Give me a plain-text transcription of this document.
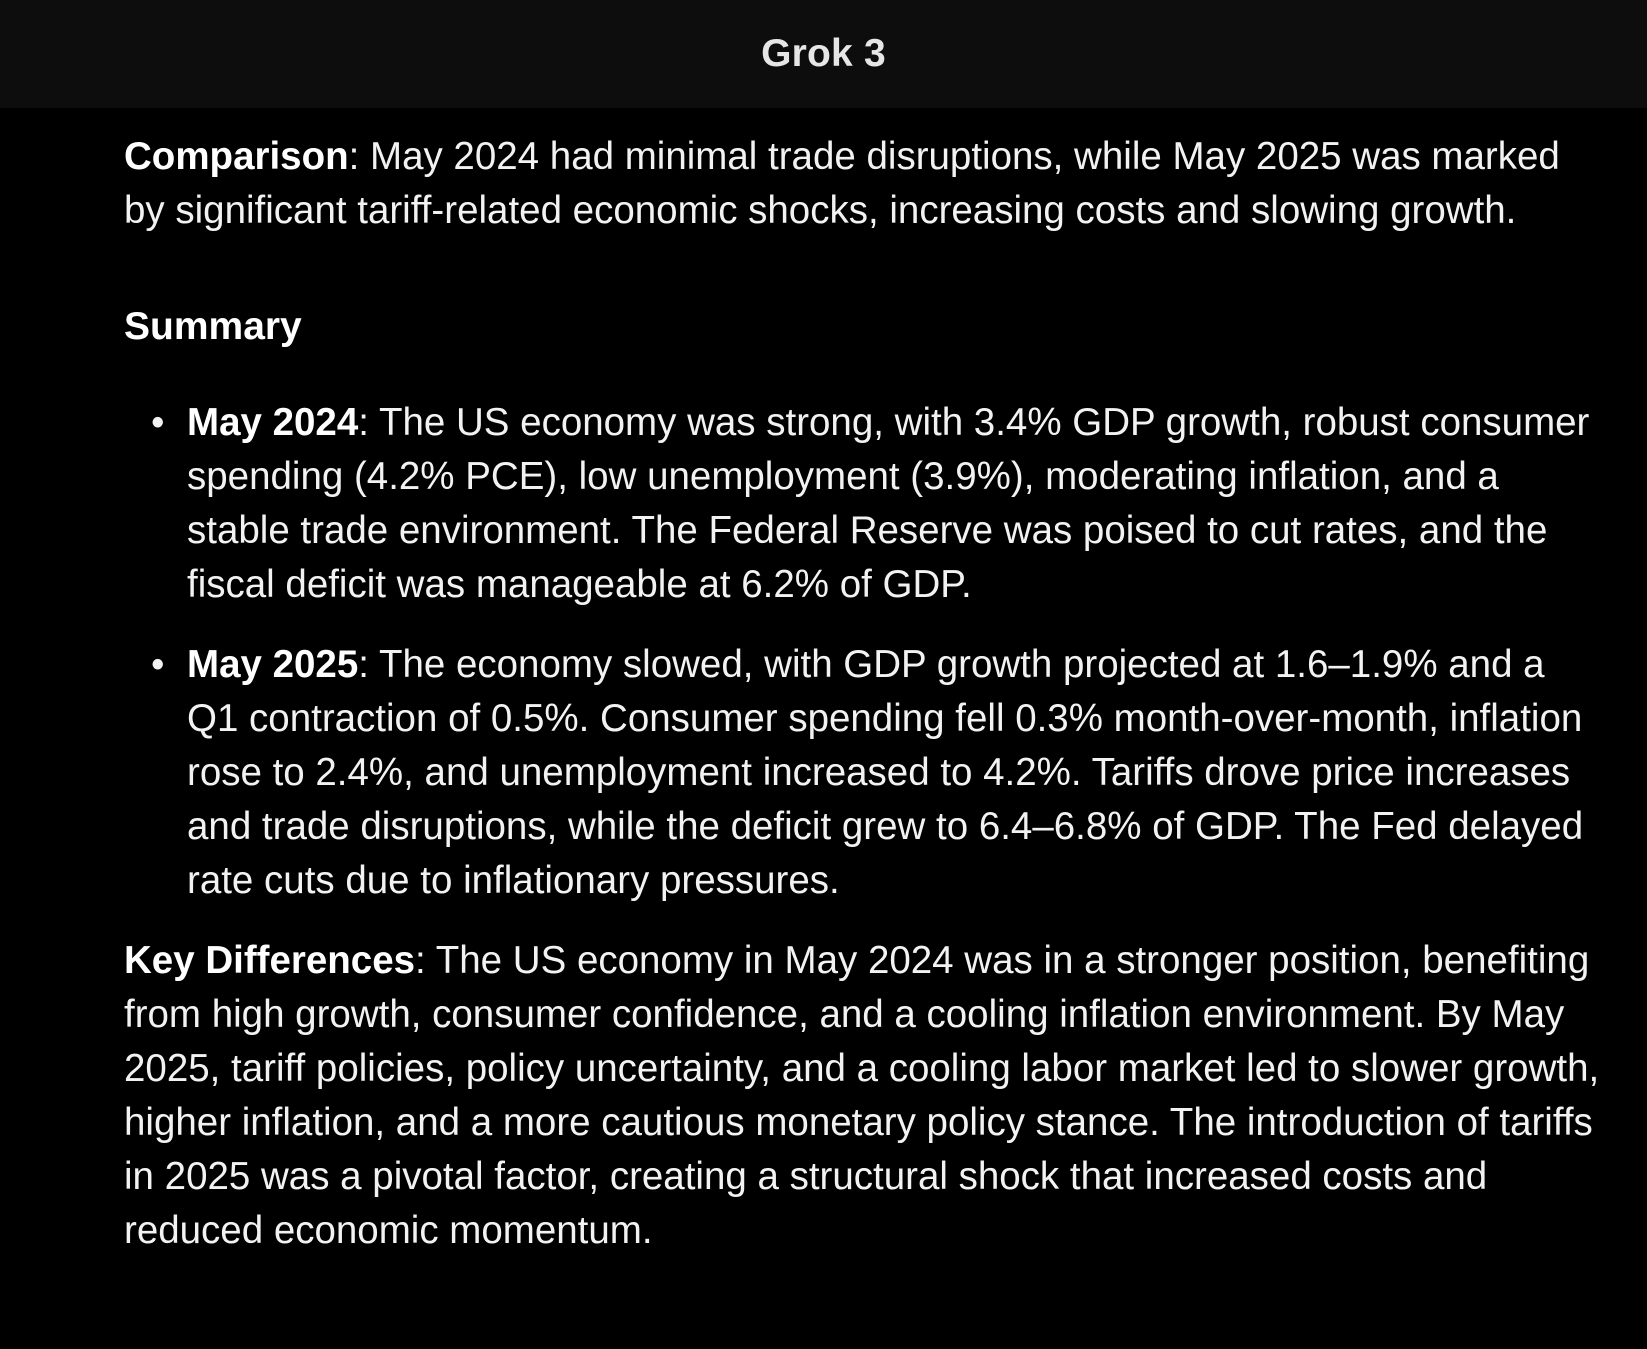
Grok 3

Comparison: May 2024 had minimal trade disruptions, while May 2025 was marked by significant tariff-related economic shocks, increasing costs and slowing growth.

Summary
• May 2024: The US economy was strong, with 3.4% GDP growth, robust consumer spending (4.2% PCE), low unemployment (3.9%), moderating inflation, and a stable trade environment. The Federal Reserve was poised to cut rates, and the fiscal deficit was manageable at 6.2% of GDP.
• May 2025: The economy slowed, with GDP growth projected at 1.6–1.9% and a Q1 contraction of 0.5%. Consumer spending fell 0.3% month-over-month, inflation rose to 2.4%, and unemployment increased to 4.2%. Tariffs drove price increases and trade disruptions, while the deficit grew to 6.4–6.8% of GDP. The Fed delayed rate cuts due to inflationary pressures.

Key Differences: The US economy in May 2024 was in a stronger position, benefiting from high growth, consumer confidence, and a cooling inflation environment. By May 2025, tariff policies, policy uncertainty, and a cooling labor market led to slower growth, higher inflation, and a more cautious monetary policy stance. The introduction of tariffs in 2025 was a pivotal factor, creating a structural shock that increased costs and reduced economic momentum.
